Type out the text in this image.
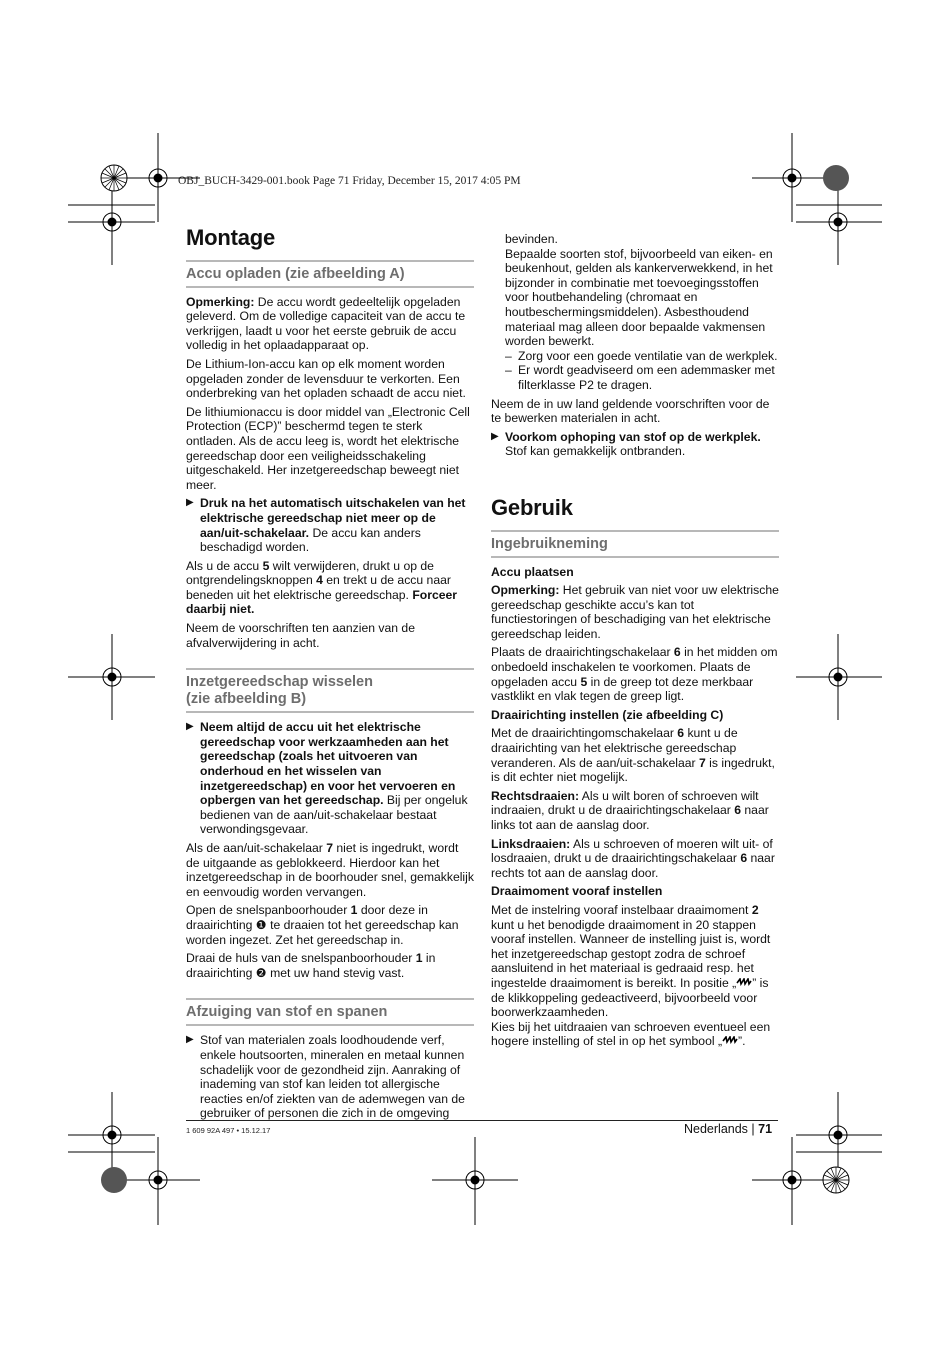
OBJ_BUCH-3429-001.book Page 71 Friday, December 15, 2017 4:05 PM
Montage
Accu opladen (zie afbeelding A)

Opmerking: De accu wordt gedeeltelijk opgeladen geleverd. Om de volledige capaciteit van de accu te verkrijgen, laadt u voor het eerste gebruik de accu volledig in het oplaadapparaat op.

De Lithium-Ion-accu kan op elk moment worden opgeladen zonder de levensduur te verkorten. Een onderbreking van het opladen schaadt de accu niet.

De lithiumionaccu is door middel van „Electronic Cell Protection (ECP)” beschermd tegen te sterk ontladen. Als de accu leeg is, wordt het elektrische gereedschap door een veiligheidsschakeling uitgeschakeld. Her inzetgereedschap beweegt niet meer.

▶ Druk na het automatisch uitschakelen van het elektrische gereedschap niet meer op de aan/uit-schakelaar. De accu kan anders beschadigd worden.

Als u de accu 5 wilt verwijderen, drukt u op de ontgrendelingsknoppen 4 en trekt u de accu naar beneden uit het elektrische gereedschap. Forceer daarbij niet.

Neem de voorschriften ten aanzien van de afvalverwijdering in acht.

Inzetgereedschap wisselen
(zie afbeelding B)
▶ Neem altijd de accu uit het elektrische gereedschap voor werkzaamheden aan het gereedschap (zoals het uitvoeren van onderhoud en het wisselen van inzetgereedschap) en voor het vervoeren en opbergen van het gereedschap. Bij per ongeluk bedienen van de aan/uit-schakelaar bestaat verwondingsgevaar.

Als de aan/uit-schakelaar 7 niet is ingedrukt, wordt de uitgaande as geblokkeerd. Hierdoor kan het inzetgereedschap in de boorhouder snel, gemakkelijk en eenvoudig worden vervangen.

Open de snelspanboorhouder 1 door deze in draairichting ❶ te draaien tot het gereedschap kan worden ingezet. Zet het gereedschap in.

Draai de huls van de snelspanboorhouder 1 in draairichting ❷ met uw hand stevig vast.

Afzuiging van stof en spanen
▶ Stof van materialen zoals loodhoudende verf, enkele houtsoorten, mineralen en metaal kunnen schadelijk voor de gezondheid zijn. Aanraking of inademing van stof kan leiden tot allergische reacties en/of ziekten van de ademwegen van de gebruiker of personen die zich in de omgeving

bevinden.

Bepaalde soorten stof, bijvoorbeeld van eiken- en beukenhout, gelden als kankerverwekkend, in het bijzonder in combinatie met toevoegingsstoffen voor houtbehandeling (chromaat en houtbeschermingsmiddelen). Asbesthoudend materiaal mag alleen door bepaalde vakmensen worden bewerkt.

– Zorg voor een goede ventilatie van de werkplek.
– Er wordt geadviseerd om een ademmasker met filterklasse P2 te dragen.

Neem de in uw land geldende voorschriften voor de te bewerken materialen in acht.

▶ Voorkom ophoping van stof op de werkplek.
Stof kan gemakkelijk ontbranden.
Gebruik
Ingebruikneming

Accu plaatsen

Opmerking: Het gebruik van niet voor uw elektrische gereedschap geschikte accu’s kan tot functiestoringen of beschadiging van het elektrische gereedschap leiden.

Plaats de draairichtingschakelaar 6 in het midden om onbedoeld inschakelen te voorkomen. Plaats de opgeladen accu 5 in de greep tot deze merkbaar vastklikt en vlak tegen de greep ligt.

Draairichting instellen (zie afbeelding C)

Met de draairichtingomschakelaar 6 kunt u de draairichting van het elektrische gereedschap veranderen. Als de aan/uit-schakelaar 7 is ingedrukt, is dit echter niet mogelijk.

Rechtsdraaien: Als u wilt boren of schroeven wilt indraaien, drukt u de draairichtingschakelaar 6 naar links tot aan de aanslag door.

Linksdraaien: Als u schroeven of moeren wilt uit- of losdraaien, drukt u de draairichtingschakelaar 6 naar rechts tot aan de aanslag door.

Draaimoment vooraf instellen

Met de instelring vooraf instelbaar draaimoment 2 kunt u het benodigde draaimoment in 20 stappen vooraf instellen. Wanneer de instelling juist is, wordt het inzetgereedschap gestopt zodra de schroef aansluitend in het materiaal is gedraaid resp. het ingestelde draaimoment is bereikt. In positie „ ” is de klikkoppeling gedeactiveerd, bijvoorbeeld voor boorwerkzaamheden.

Kies bij het uitdraaien van schroeven eventueel een hogere instelling of stel in op het symbool „ ”.

1 609 92A 497 • 15.12.17	Nederlands | 71
